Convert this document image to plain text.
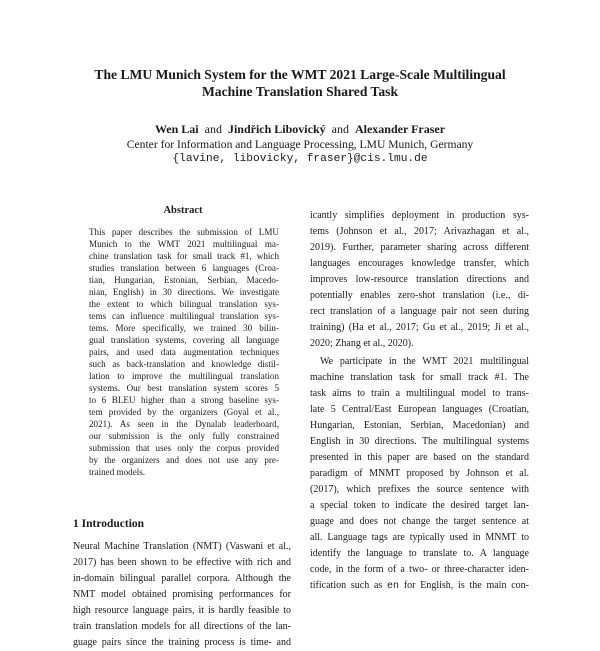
The LMU Munich System for the WMT 2021 Large-Scale Multilingual
Machine Translation Shared Task
Wen Lai and Jindřich Libovický and Alexander Fraser
Center for Information and Language Processing, LMU Munich, Germany
{lavine, libovicky, fraser}@cis.lmu.de
Abstract
This paper describes the submission of LMU
Munich to the WMT 2021 multilingual ma-
chine translation task for small track #1, which
studies translation between 6 languages (Croa-
tian, Hungarian, Estonian, Serbian, Macedo-
nian, English) in 30 directions. We investigate
the extent to which bilingual translation sys-
tems can influence multilingual translation sys-
tems. More specifically, we trained 30 bilin-
gual translation systems, covering all language
pairs, and used data augmentation techniques
such as back-translation and knowledge distil-
lation to improve the multilingual translation
systems. Our best translation system scores 5
to 6 BLEU higher than a strong baseline sys-
tem provided by the organizers (Goyal et al.,
2021). As seen in the Dynalab leaderboard,
our submission is the only fully constrained
submission that uses only the corpus provided
by the organizers and does not use any pre-
trained models.
1 Introduction
Neural Machine Translation (NMT) (Vaswani et al.,
2017) has been shown to be effective with rich and
in-domain bilingual parallel corpora. Although the
NMT model obtained promising performances for
high resource language pairs, it is hardly feasible to
train translation models for all directions of the lan-
guage pairs since the training process is time- and
icantly simplifies deployment in production sys-
tems (Johnson et al., 2017; Arivazhagan et al.,
2019). Further, parameter sharing across different
languages encourages knowledge transfer, which
improves low-resource translation directions and
potentially enables zero-shot translation (i.e., di-
rect translation of a language pair not seen during
training) (Ha et al., 2017; Gu et al., 2019; Ji et al.,
2020; Zhang et al., 2020).
We participate in the WMT 2021 multilingual
machine translation task for small track #1. The
task aims to train a multilingual model to trans-
late 5 Central/East European languages (Croatian,
Hungarian, Estonian, Serbian, Macedonian) and
English in 30 directions. The multilingual systems
presented in this paper are based on the standard
paradigm of MNMT proposed by Johnson et al.
(2017), which prefixes the source sentence with
a special token to indicate the desired target lan-
guage and does not change the target sentence at
all. Language tags are typically used in MNMT to
identify the language to translate to. A language
code, in the form of a two- or three-character iden-
tification such as en for English, is the main con-
